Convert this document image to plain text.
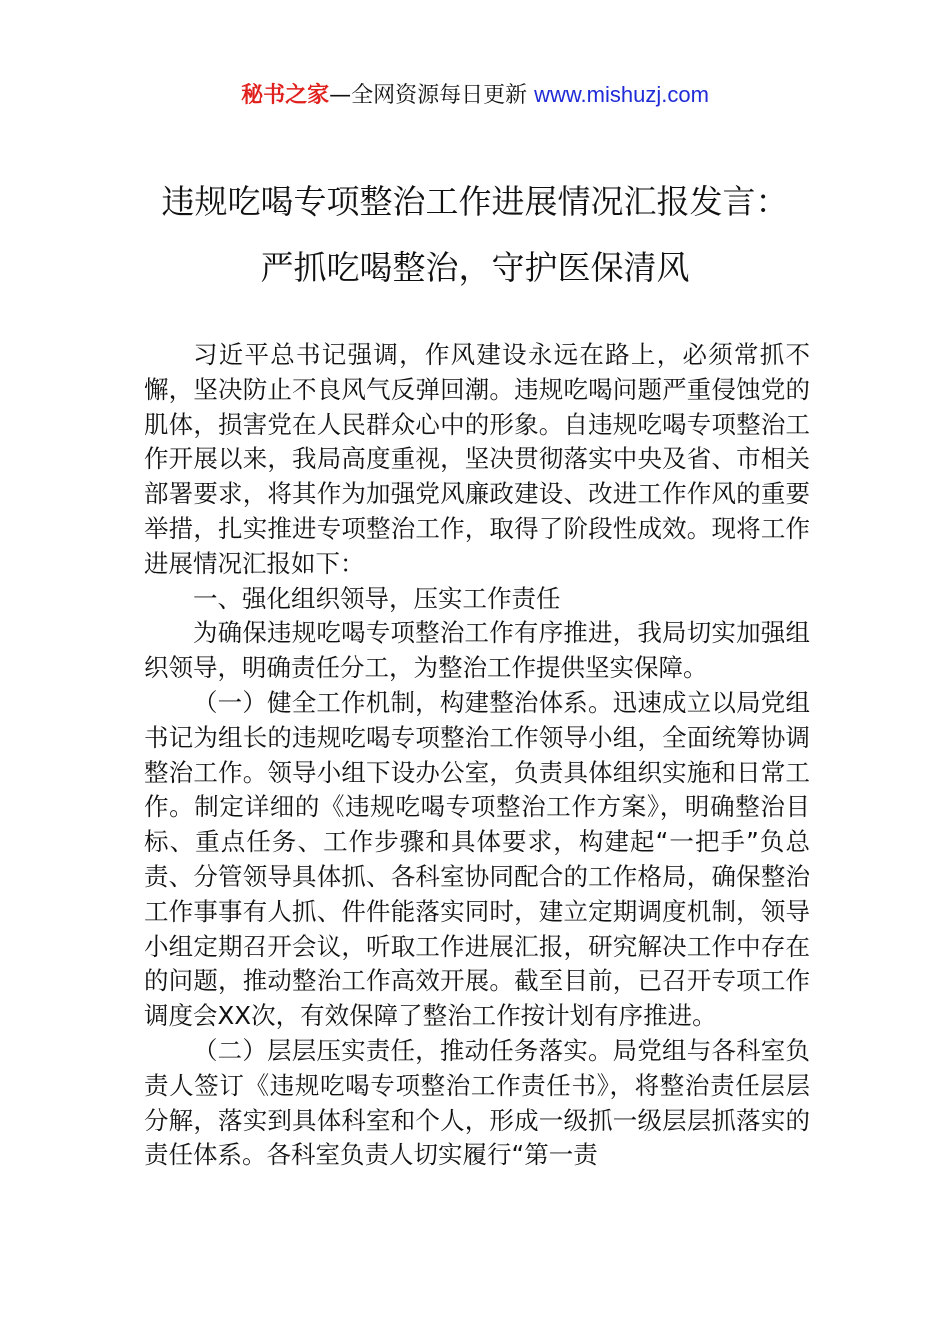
秘书之家—全网资源每日更新 www.mishuzj.com
违规吃喝专项整治工作进展情况汇报发言：
严抓吃喝整治，守护医保清风

习近平总书记强调，作风建设永远在路上，必须常抓不懈，坚决防止不良风气反弹回潮。违规吃喝问题严重侵蚀党的肌体，损害党在人民群众心中的形象。自违规吃喝专项整治工作开展以来，我局高度重视，坚决贯彻落实中央及省、市相关部署要求，将其作为加强党风廉政建设、改进工作作风的重要举措，扎实推进专项整治工作，取得了阶段性成效。现将工作进展情况汇报如下：

一、强化组织领导，压实工作责任

为确保违规吃喝专项整治工作有序推进，我局切实加强组织领导，明确责任分工，为整治工作提供坚实保障。

（一）健全工作机制，构建整治体系。迅速成立以局党组书记为组长的违规吃喝专项整治工作领导小组，全面统筹协调整治工作。领导小组下设办公室，负责具体组织实施和日常工作。制定详细的《违规吃喝专项整治工作方案》，明确整治目标、重点任务、工作步骤和具体要求，构建起“一把手”负总责、分管领导具体抓、各科室协同配合的工作格局，确保整治工作事事有人抓、件件能落实同时，建立定期调度机制，领导小组定期召开会议，听取工作进展汇报，研究解决工作中存在的问题，推动整治工作高效开展。截至目前，已召开专项工作调度会XX次，有效保障了整治工作按计划有序推进。

（二）层层压实责任，推动任务落实。局党组与各科室负责人签订《违规吃喝专项整治工作责任书》，将整治责任层层分解，落实到具体科室和个人，形成一级抓一级层层抓落实的责任体系。各科室负责人切实履行“第一责
